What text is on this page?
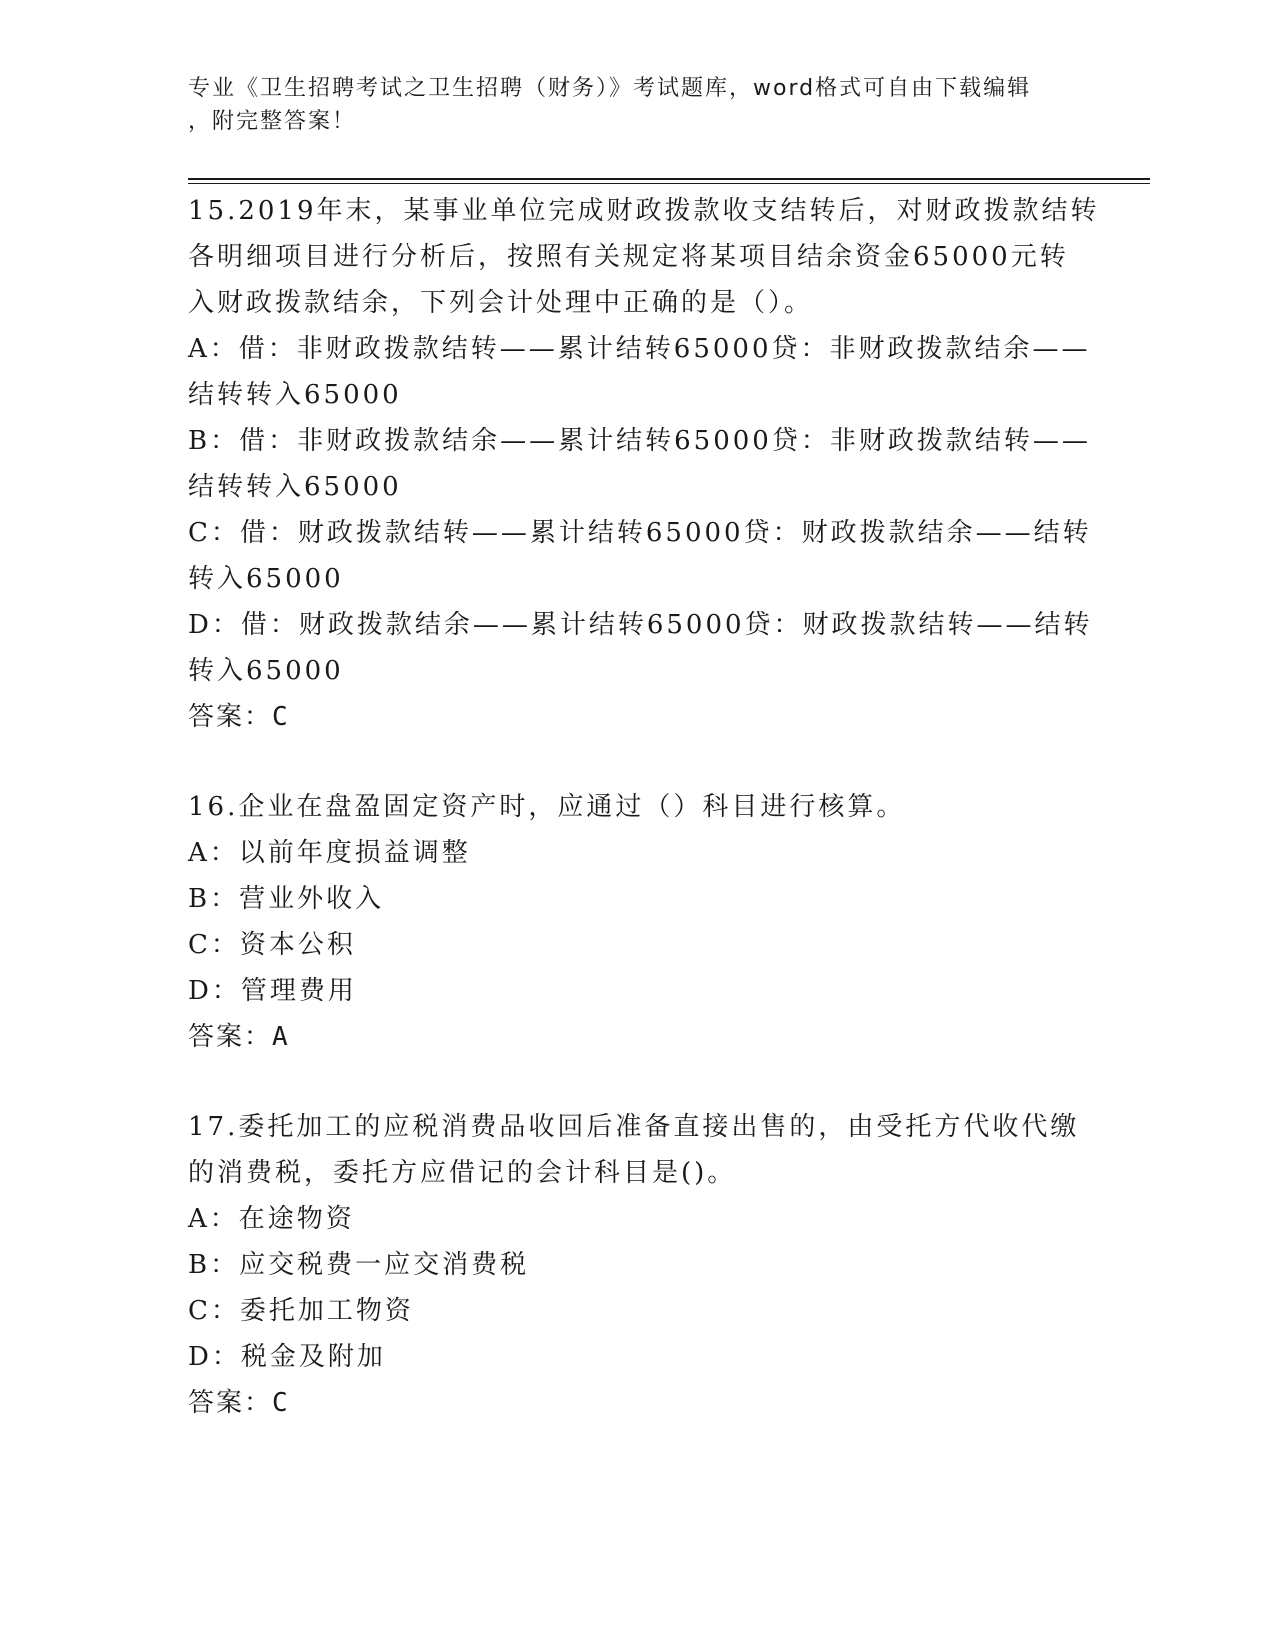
专业《卫生招聘考试之卫生招聘（财务）》考试题库，word格式可自由下载编辑
，附完整答案！
15.2019年末，某事业单位完成财政拨款收支结转后，对财政拨款结转
各明细项目进行分析后，按照有关规定将某项目结余资金65000元转
入财政拨款结余，下列会计处理中正确的是（）。
A：借：非财政拨款结转——累计结转65000贷：非财政拨款结余——
结转转入65000
B：借：非财政拨款结余——累计结转65000贷：非财政拨款结转——
结转转入65000
C：借：财政拨款结转——累计结转65000贷：财政拨款结余——结转
转入65000
D：借：财政拨款结余——累计结转65000贷：财政拨款结转——结转
转入65000
答案：C
16.企业在盘盈固定资产时，应通过（）科目进行核算。
A：以前年度损益调整
B：营业外收入
C：资本公积
D：管理费用
答案：A
17.委托加工的应税消费品收回后准备直接出售的，由受托方代收代缴
的消费税，委托方应借记的会计科目是()。
A：在途物资
B：应交税费一应交消费税
C：委托加工物资
D：税金及附加
答案：C
